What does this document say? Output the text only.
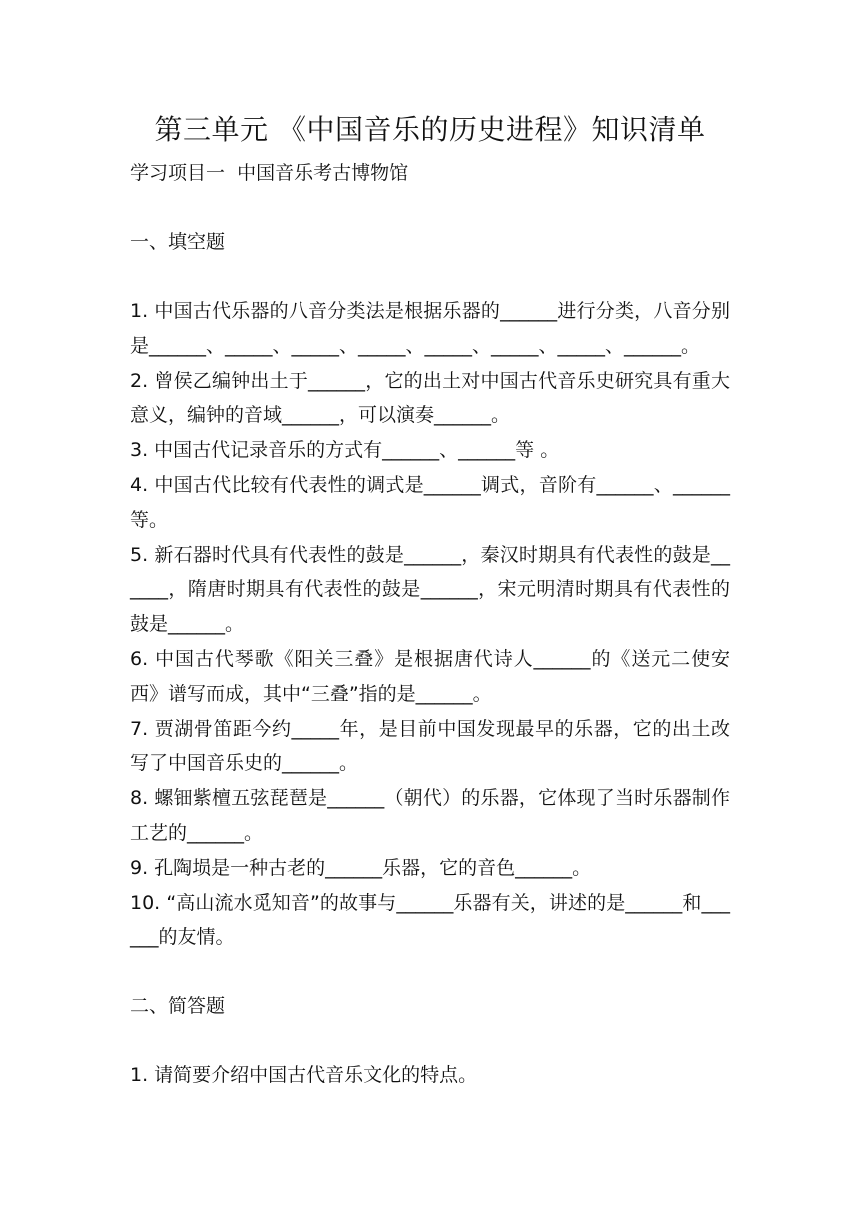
第三单元 《中国音乐的历史进程》知识清单
学习项目一  中国音乐考古博物馆
一、填空题

1. 中国古代乐器的八音分类法是根据乐器的______进行分类，八音分别是______、_____、_____、_____、_____、_____、_____、______。

2. 曾侯乙编钟出土于______，它的出土对中国古代音乐史研究具有重大意义，编钟的音域______，可以演奏______。

3. 中国古代记录音乐的方式有______、______等 。

4. 中国古代比较有代表性的调式是______调式，音阶有______、______等。

5. 新石器时代具有代表性的鼓是______，秦汉时期具有代表性的鼓是______，隋唐时期具有代表性的鼓是______，宋元明清时期具有代表性的鼓是______。

6. 中国古代琴歌《阳关三叠》是根据唐代诗人______的《送元二使安西》谱写而成，其中“三叠”指的是______。

7. 贾湖骨笛距今约_____年，是目前中国发现最早的乐器，它的出土改写了中国音乐史的______。

8. 螺钿紫檀五弦琵琶是______（朝代）的乐器，它体现了当时乐器制作工艺的______。

9. 孔陶埙是一种古老的______乐器，它的音色______。

10. “高山流水觅知音”的故事与______乐器有关，讲述的是______和______的友情。

二、简答题
1. 请简要介绍中国古代音乐文化的特点。
